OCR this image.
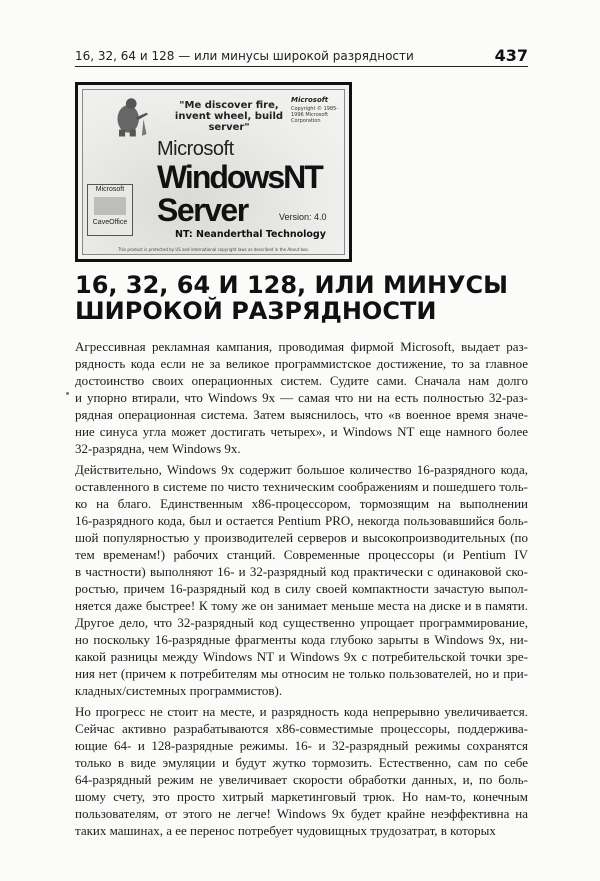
16, 32, 64 и 128 — или минусы широкой разрядности	437
"Me discover fire, invent wheel, build server"
Microsoft
Copyright © 1985-1996 Microsoft Corporation
Microsoft
WindowsNT
Server	Version: 4.0
NT: Neanderthal Technology
Microsoft
CaveOffice
This product is protected by US and international copyright laws as described in the About box.
16, 32, 64 И 128, ИЛИ МИНУСЫ
ШИРОКОЙ РАЗРЯДНОСТИ
Агрессивная рекламная кампания, проводимая фирмой Microsoft, выдает раз-
рядность кода если не за великое программистское достижение, то за главное
достоинство своих операционных систем. Судите сами. Сначала нам долго
и упорно втирали, что Windows 9x — самая что ни на есть полностью 32-раз-
рядная операционная система. Затем выяснилось, что «в военное время значе-
ние синуса угла может достигать четырех», и Windows NT еще намного более
32-разрядна, чем Windows 9x.
Действительно, Windows 9x содержит большое количество 16-разрядного кода,
оставленного в системе по чисто техническим соображениям и пошедшего толь-
ко на благо. Единственным x86-процессором, тормозящим на выполнении
16-разрядного кода, был и остается Pentium PRO, некогда пользовавшийся боль-
шой популярностью у производителей серверов и высокопроизводительных (по
тем временам!) рабочих станций. Современные процессоры (и Pentium IV
в частности) выполняют 16- и 32-разрядный код практически с одинаковой ско-
ростью, причем 16-разрядный код в силу своей компактности зачастую выпол-
няется даже быстрее! К тому же он занимает меньше места на диске и в памяти.
Другое дело, что 32-разрядный код существенно упрощает программирование,
но поскольку 16-разрядные фрагменты кода глубоко зарыты в Windows 9x, ни-
какой разницы между Windows NT и Windows 9x с потребительской точки зре-
ния нет (причем к потребителям мы относим не только пользователей, но и при-
кладных/системных программистов).
Но прогресс не стоит на месте, и разрядность кода непрерывно увеличивается.
Сейчас активно разрабатываются x86-совместимые процессоры, поддержива-
ющие 64- и 128-разрядные режимы. 16- и 32-разрядный режимы сохранятся
только в виде эмуляции и будут жутко тормозить. Естественно, сам по себе
64-разрядный режим не увеличивает скорости обработки данных, и, по боль-
шому счету, это просто хитрый маркетинговый трюк. Но нам-то, конечным
пользователям, от этого не легче! Windows 9x будет крайне неэффективна на
таких машинах, а ее перенос потребует чудовищных трудозатрат, в которых
